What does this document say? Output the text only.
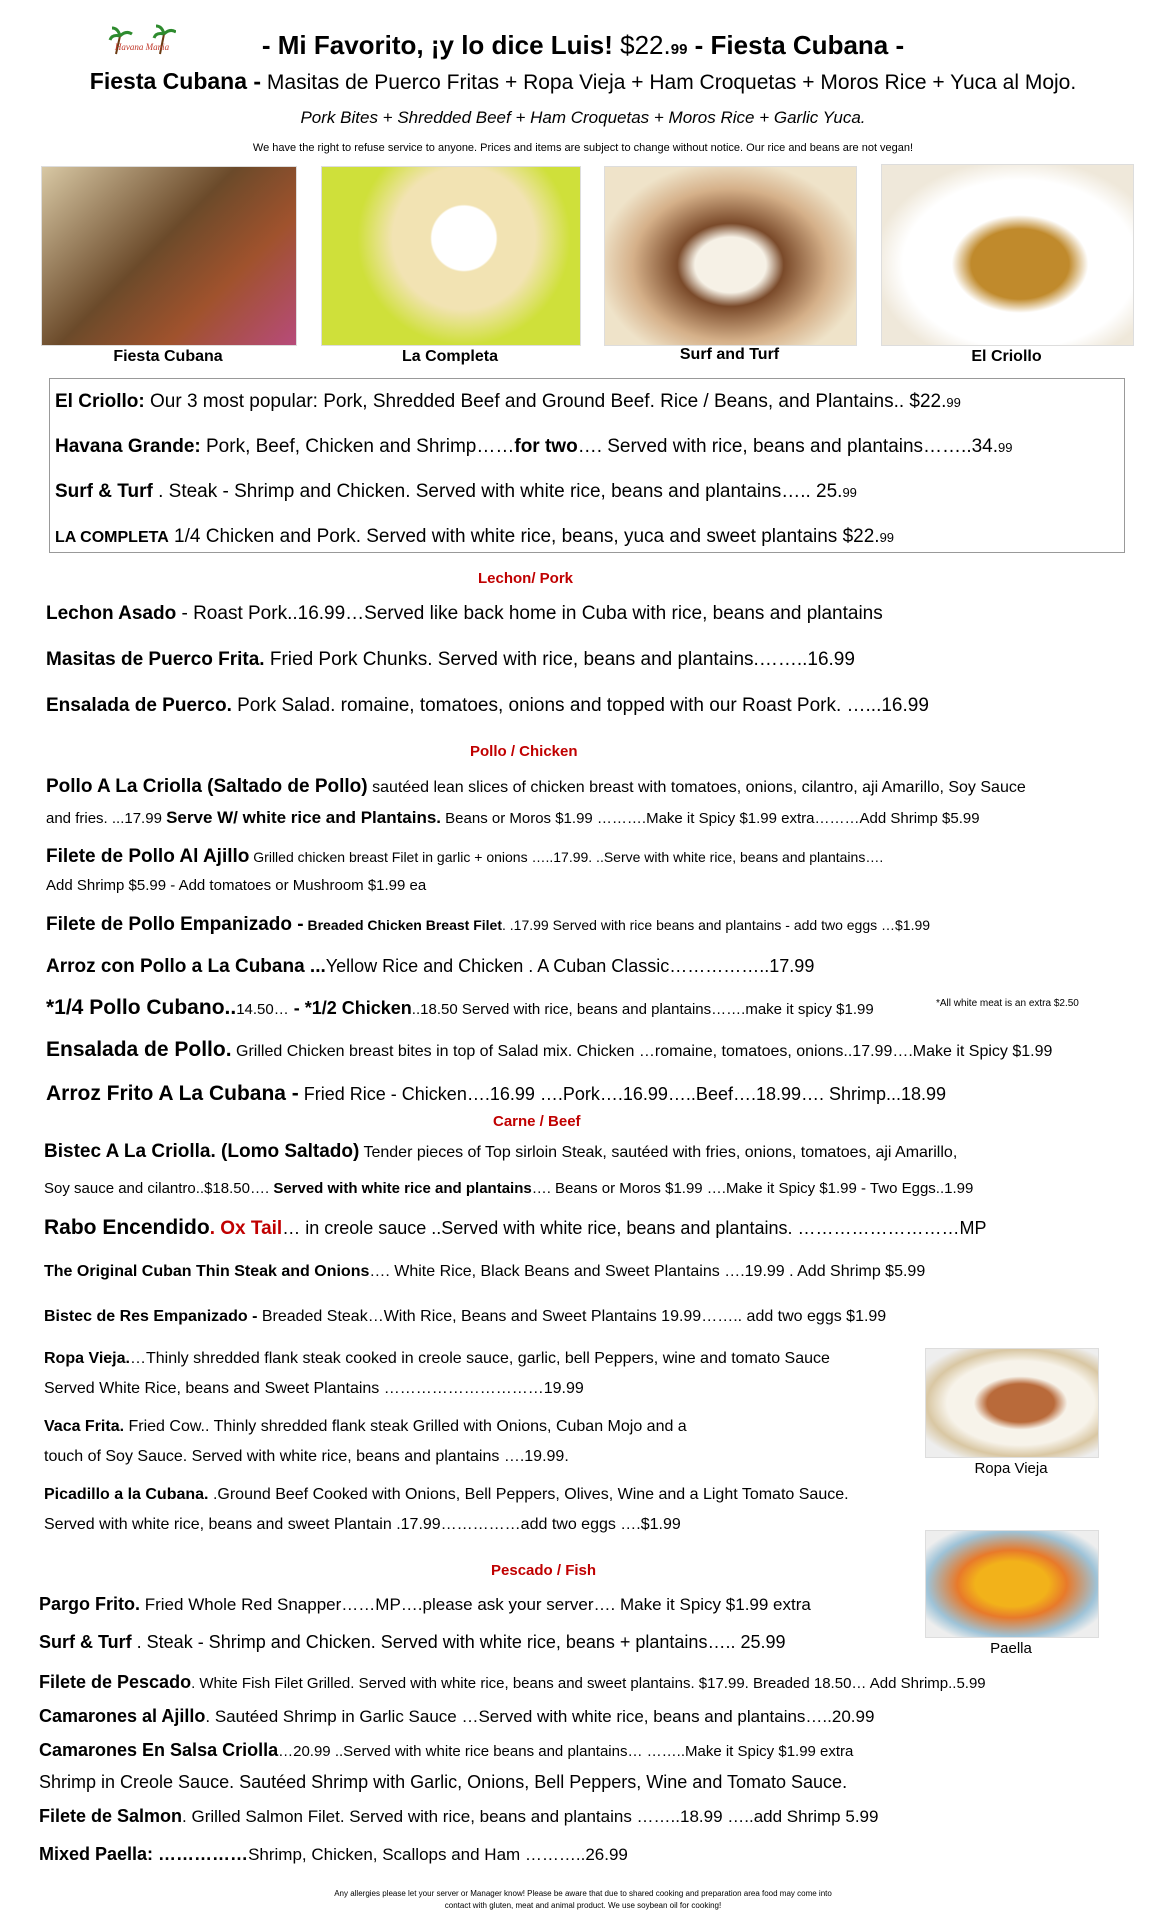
Havana Mania	- Mi Favorito, ¡y lo dice Luis! $22.99 - Fiesta Cubana -
Fiesta Cubana - Masitas de Puerco Fritas + Ropa Vieja + Ham Croquetas + Moros Rice + Yuca al Mojo.
Pork Bites + Shredded Beef + Ham Croquetas + Moros Rice + Garlic Yuca.
We have the right to refuse service to anyone. Prices and items are subject to change without notice. Our rice and beans are not vegan!
Fiesta Cubana	La Completa	Surf and Turf	El Criollo
El Criollo: Our 3 most popular: Pork, Shredded Beef and Ground Beef. Rice / Beans, and Plantains.. $22.99
Havana Grande: Pork, Beef, Chicken and Shrimp……for two…. Served with rice, beans and plantains……..34.99
Surf & Turf . Steak - Shrimp and Chicken. Served with white rice, beans and plantains….. 25.99
LA COMPLETA 1/4 Chicken and Pork. Served with white rice, beans, yuca and sweet plantains $22.99
Lechon/ Pork
Lechon Asado - Roast Pork..16.99…Served like back home in Cuba with rice, beans and plantains
Masitas de Puerco Frita. Fried Pork Chunks. Served with rice, beans and plantains.……..16.99
Ensalada de Puerco. Pork Salad. romaine, tomatoes, onions and topped with our Roast Pork. …...16.99
Pollo / Chicken
Pollo A La Criolla (Saltado de Pollo) sautéed lean slices of chicken breast with tomatoes, onions, cilantro, aji Amarillo, Soy Sauce
and fries. ...17.99 Serve W/ white rice and Plantains. Beans or Moros $1.99 ……….Make it Spicy $1.99 extra………Add Shrimp $5.99
Filete de Pollo Al Ajillo Grilled chicken breast Filet in garlic + onions …..17.99. ..Serve with white rice, beans and plantains….
Add Shrimp $5.99 - Add tomatoes or Mushroom $1.99 ea
Filete de Pollo Empanizado - Breaded Chicken Breast Filet. .17.99 Served with rice beans and plantains - add two eggs …$1.99
Arroz con Pollo a La Cubana ...Yellow Rice and Chicken . A Cuban Classic……………..17.99
*1/4 Pollo Cubano..14.50… - *1/2 Chicken..18.50 Served with rice, beans and plantains…….make it spicy $1.99	*All white meat is an extra $2.50
Ensalada de Pollo. Grilled Chicken breast bites in top of Salad mix. Chicken …romaine, tomatoes, onions..17.99….Make it Spicy $1.99
Arroz Frito A La Cubana - Fried Rice - Chicken….16.99 ….Pork….16.99…..Beef….18.99…. Shrimp...18.99
Carne / Beef
Bistec A La Criolla. (Lomo Saltado) Tender pieces of Top sirloin Steak, sautéed with fries, onions, tomatoes, aji Amarillo,
Soy sauce and cilantro..$18.50…. Served with white rice and plantains…. Beans or Moros $1.99 ….Make it Spicy $1.99 - Two Eggs..1.99
Rabo Encendido. Ox Tail… in creole sauce ..Served with white rice, beans and plantains. ………………………MP
The Original Cuban Thin Steak and Onions…. White Rice, Black Beans and Sweet Plantains ….19.99 . Add Shrimp $5.99
Bistec de Res Empanizado - Breaded Steak…With Rice, Beans and Sweet Plantains 19.99…….. add two eggs $1.99
Ropa Vieja.…Thinly shredded flank steak cooked in creole sauce, garlic, bell Peppers, wine and tomato Sauce
Served White Rice, beans and Sweet Plantains …………………………19.99
Vaca Frita. Fried Cow.. Thinly shredded flank steak Grilled with Onions, Cuban Mojo and a
touch of Soy Sauce. Served with white rice, beans and plantains ….19.99.
Picadillo a la Cubana. .Ground Beef Cooked with Onions, Bell Peppers, Olives, Wine and a Light Tomato Sauce.
Served with white rice, beans and sweet Plantain .17.99……………add two eggs ….$1.99
Ropa Vieja
Paella
Pescado / Fish
Pargo Frito. Fried Whole Red Snapper……MP….please ask your server…. Make it Spicy $1.99 extra
Surf & Turf . Steak - Shrimp and Chicken. Served with white rice, beans + plantains….. 25.99
Filete de Pescado. White Fish Filet Grilled. Served with white rice, beans and sweet plantains. $17.99. Breaded 18.50… Add Shrimp..5.99
Camarones al Ajillo. Sautéed Shrimp in Garlic Sauce …Served with white rice, beans and plantains…..20.99
Camarones En Salsa Criolla…20.99 ..Served with white rice beans and plantains… ……..Make it Spicy $1.99 extra
Shrimp in Creole Sauce. Sautéed Shrimp with Garlic, Onions, Bell Peppers, Wine and Tomato Sauce.
Filete de Salmon. Grilled Salmon Filet. Served with rice, beans and plantains ……..18.99 …..add Shrimp 5.99
Mixed Paella: ……………Shrimp, Chicken, Scallops and Ham ………..26.99
Any allergies please let your server or Manager know! Please be aware that due to shared cooking and preparation area food may come into
contact with gluten, meat and animal product. We use soybean oil for cooking!
